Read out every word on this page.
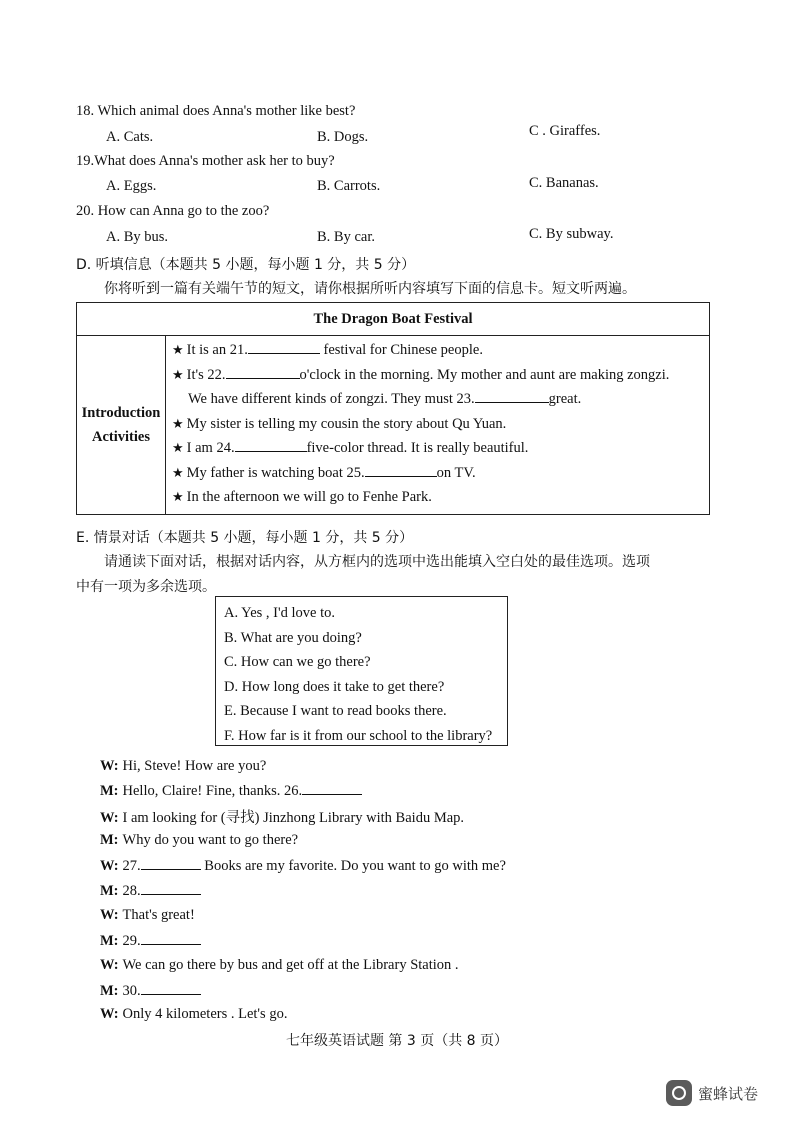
18. Which animal does Anna's mother like best?
A. Cats.	B. Dogs.	C . Giraffes.
19.What does Anna's mother ask her to buy?
A. Eggs.	B. Carrots.	C. Bananas.
20. How can Anna go to the zoo?
A. By bus.	B. By car.	C. By subway.
D. 听填信息（本题共 5 小题，每小题 1 分，共 5 分）
你将听到一篇有关端午节的短文，请你根据所听内容填写下面的信息卡。短文听两遍。
The Dragon Boat Festival

Introduction
Activities

★ It is an 21.	festival for Chinese people.
★ It's 22.	o'clock in the morning. My mother and aunt are making zongzi.
We have different kinds of zongzi. They must 23.	great.
★ My sister is telling my cousin the story about Qu Yuan.
★ I am 24.	five-color thread. It is really beautiful.
★ My father is watching boat 25.	on TV.
★ In the afternoon we will go to Fenhe Park.
E. 情景对话（本题共 5 小题，每小题 1 分，共 5 分）
请通读下面对话，根据对话内容，从方框内的选项中选出能填入空白处的最佳选项。选项
中有一项为多余选项。
A. Yes , I'd love to.
B. What are you doing?
C. How can we go there?
D. How long does it take to get there?
E. Because I want to read books there.
F. How far is it from our school to the library?
W: Hi, Steve! How are you?
M: Hello, Claire! Fine, thanks. 26.
W: I am looking for (寻找) Jinzhong Library with Baidu Map.
M: Why do you want to go there?
W: 27.	Books are my favorite. Do you want to go with me?
M: 28.
W: That's great!
M: 29.
W: We can go there by bus and get off at the Library Station .
M: 30.
W: Only 4 kilometers . Let's go.
七年级英语试题 第 3 页（共 8 页）
蜜蜂试卷
